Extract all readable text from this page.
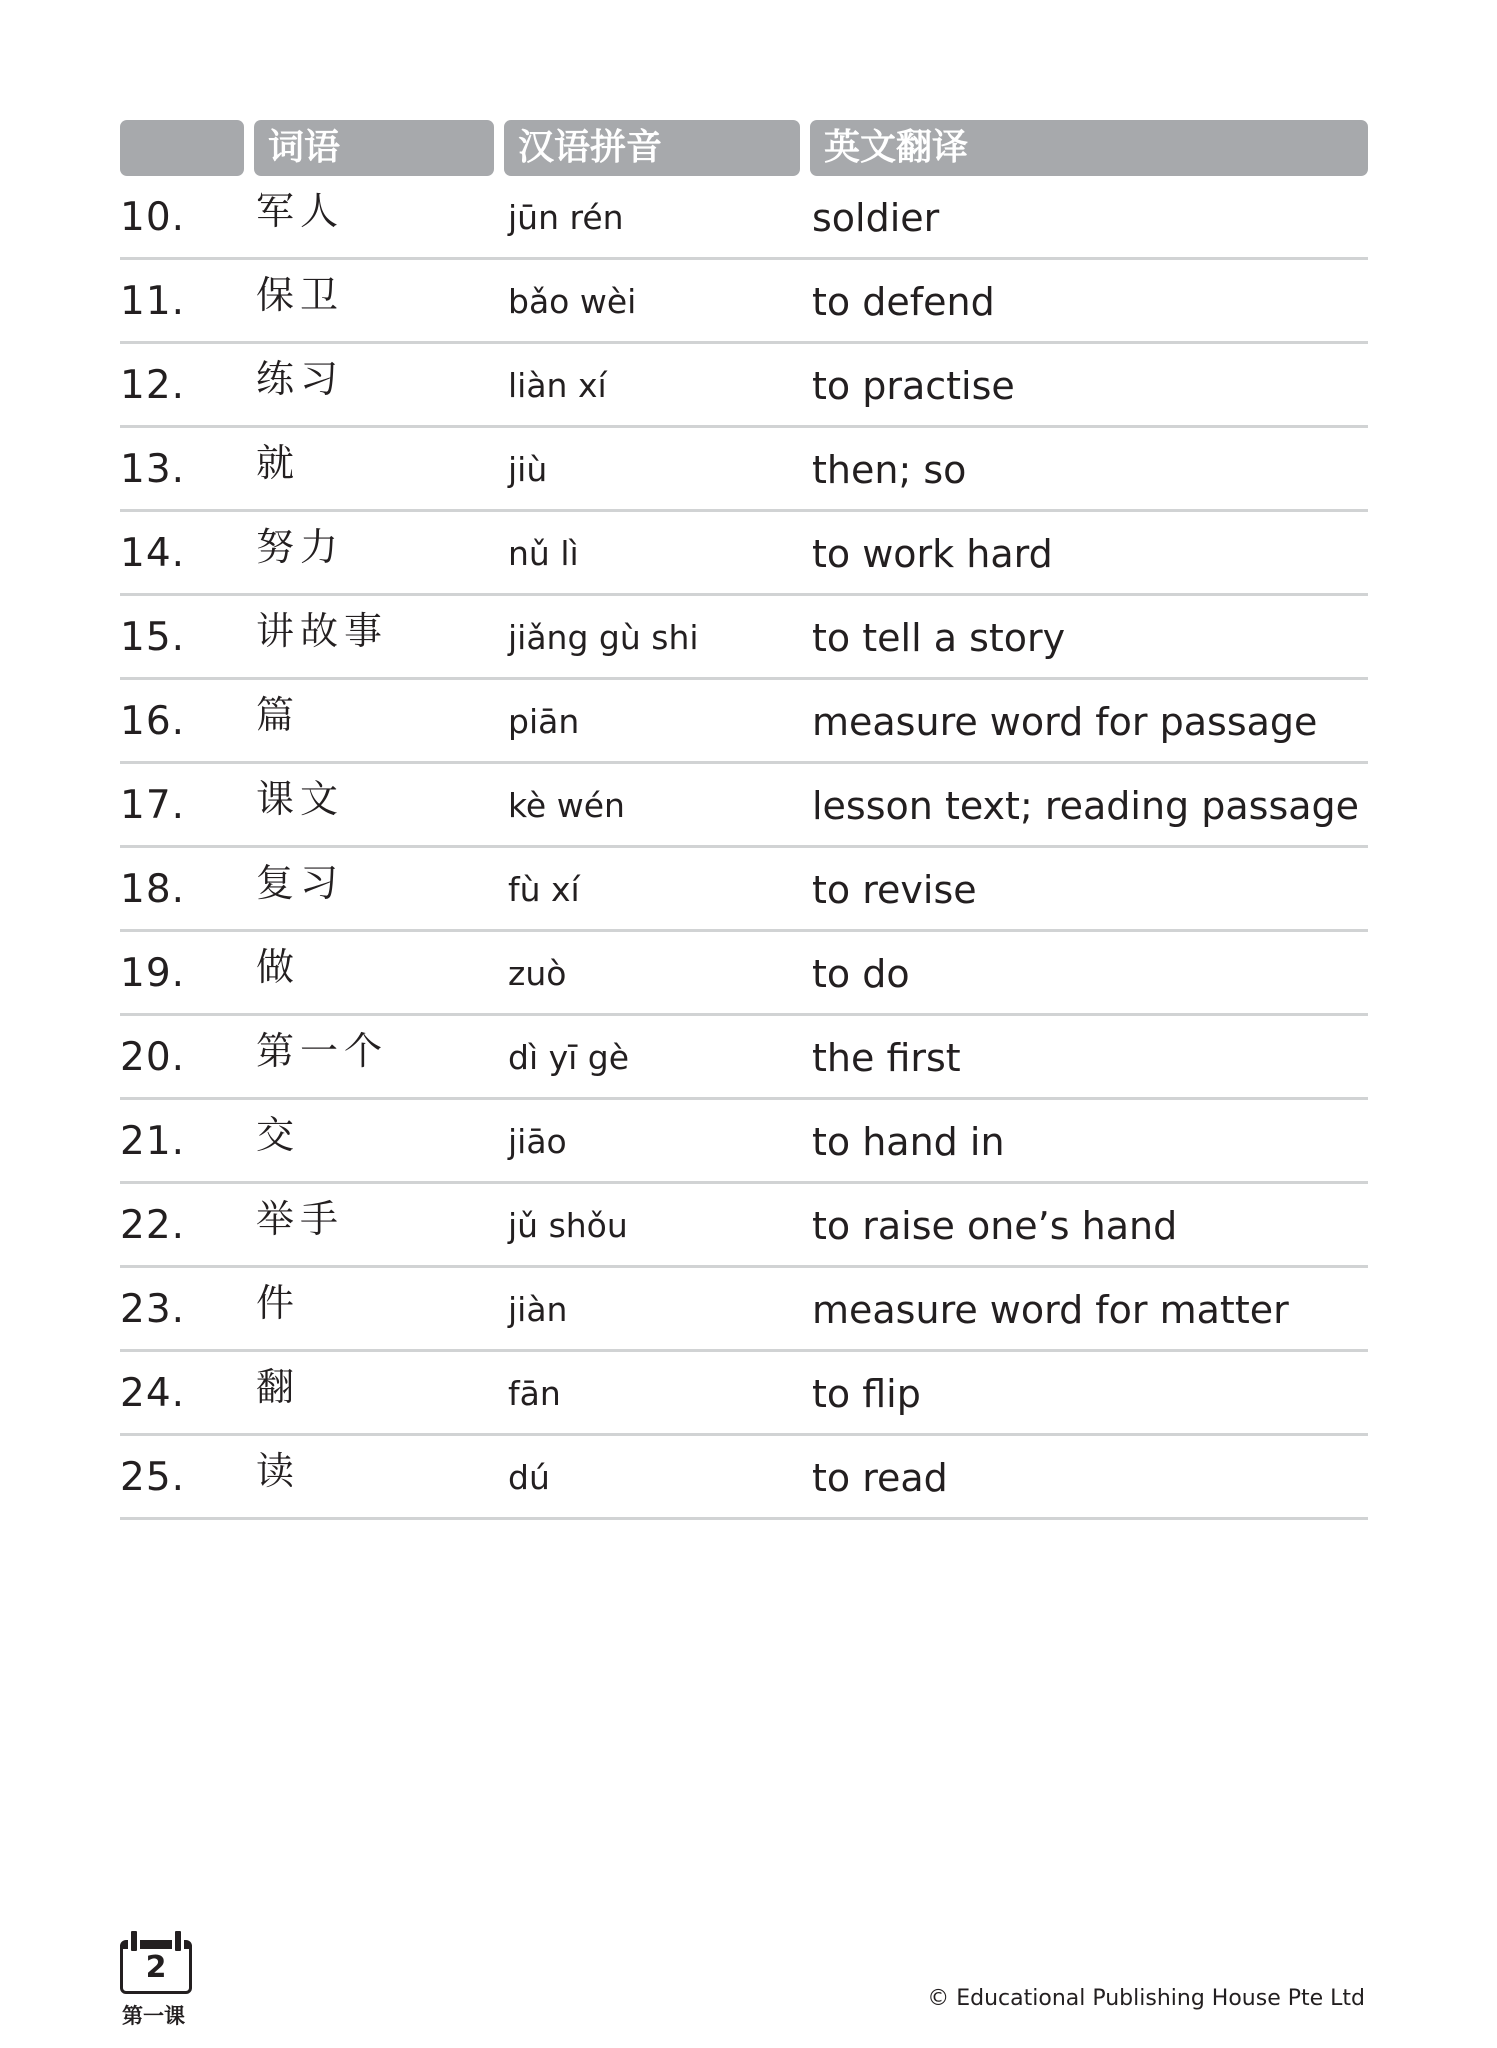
词语	汉语拼音	英文翻译
10. 军人	jūn rén	soldier
11. 保卫	bǎo wèi	to defend
12. 练习	liàn xí	to practise
13. 就	jiù	then; so
14. 努力	nǔ lì	to work hard
15. 讲故事	jiǎng gù shi	to tell a story
16. 篇	piān	measure word for passage
17. 课文	kè wén	lesson text; reading passage
18. 复习	fù xí	to revise
19. 做	zuò	to do
20. 第一个	dì yī gè	the first
21. 交	jiāo	to hand in
22. 举手	jǔ shǒu	to raise one’s hand
23. 件	jiàn	measure word for matter
24. 翻	fān	to flip
25. 读	dú	to read
2
第一课
© Educational Publishing House Pte Ltd
